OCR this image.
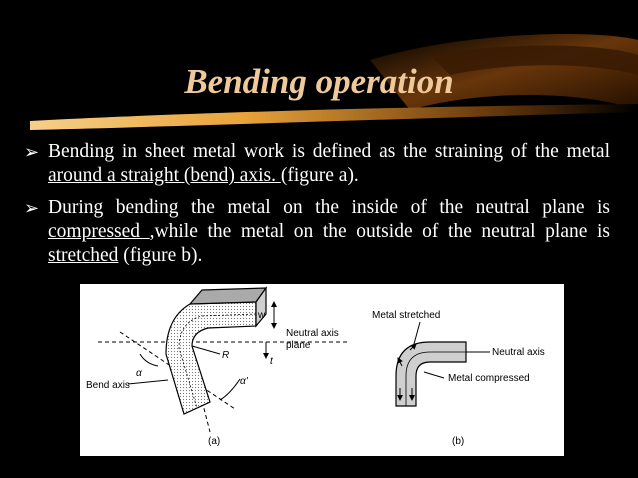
Bending operation
➢ Bending in sheet metal work is defined as the straining of the metal around a straight (bend) axis. (figure a).
➢ During bending the metal on the inside of the neutral plane is compressed ,while the metal on the outside of the neutral plane is stretched (figure b).
w
Neutral axis
plane
α
α'
R
t
Bend axis
(a)
Metal stretched
Neutral axis
Metal compressed
(b)
